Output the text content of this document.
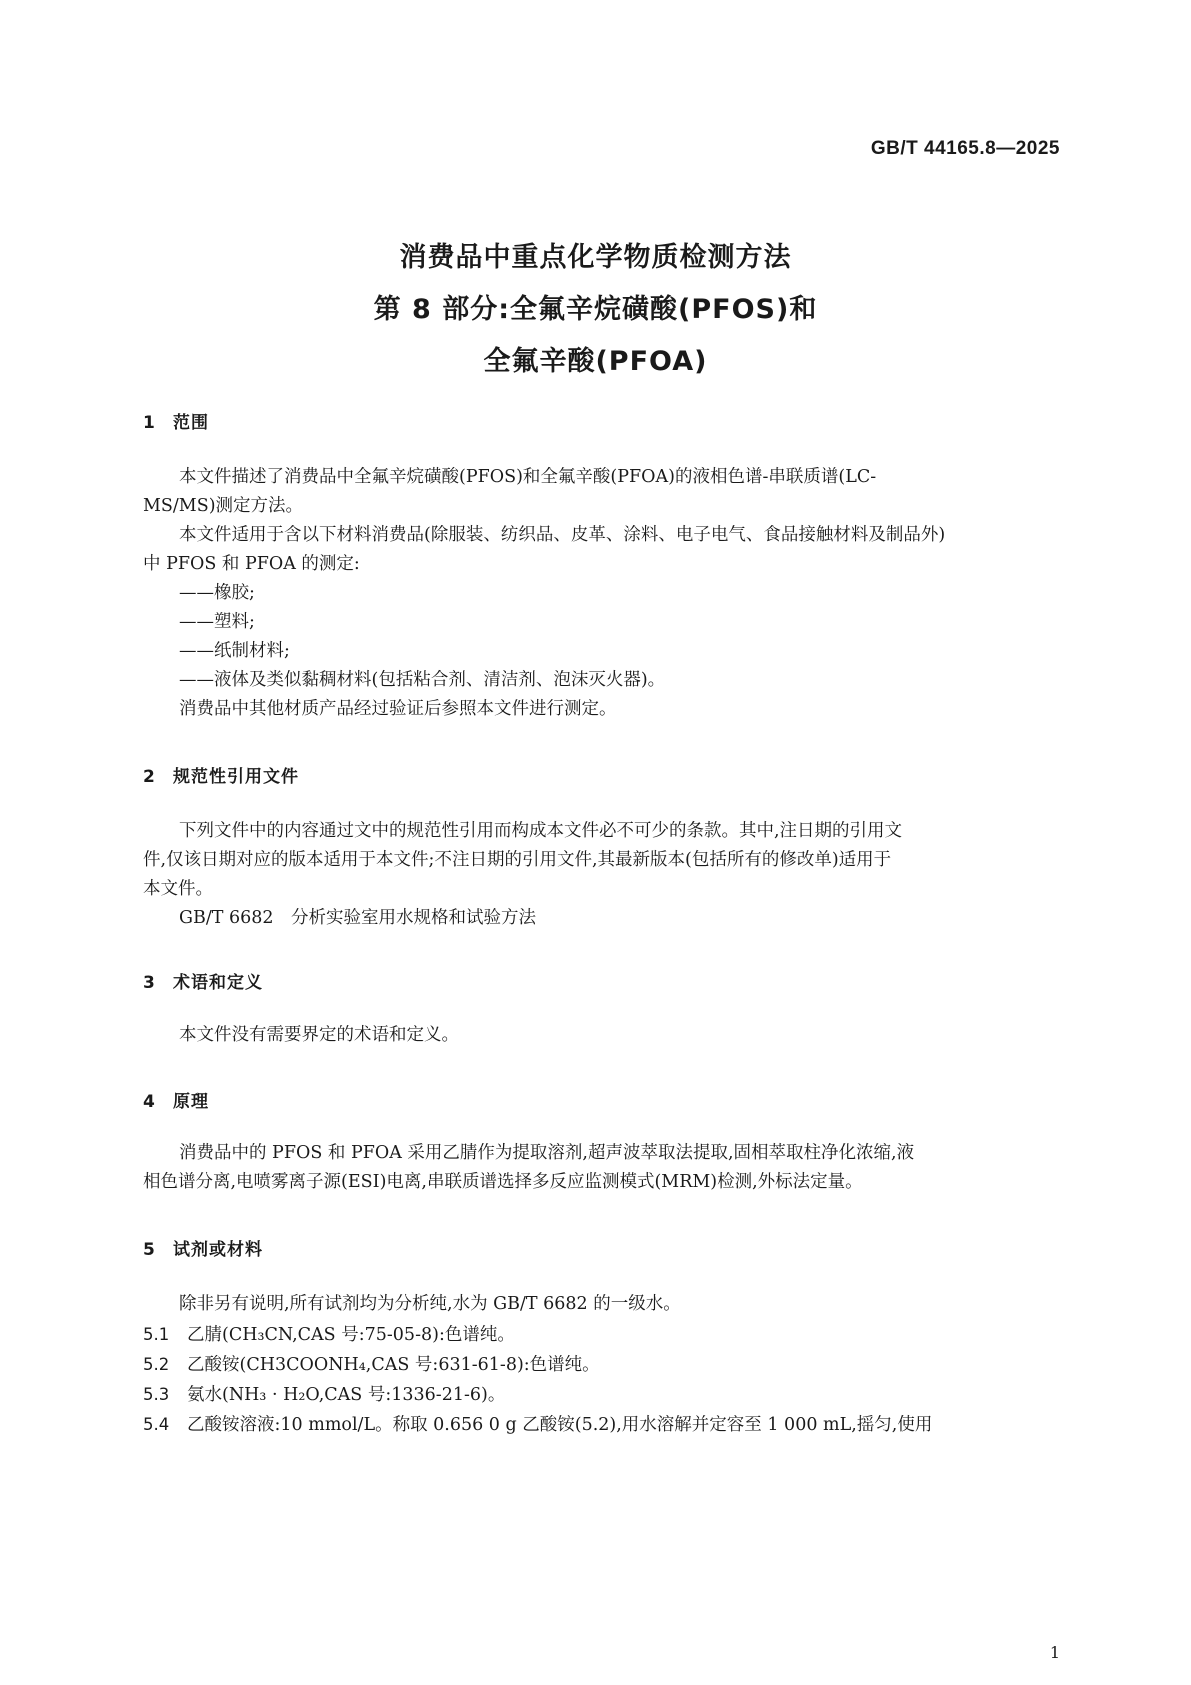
GB/T 44165.8—2025
消费品中重点化学物质检测方法
第 8 部分:全氟辛烷磺酸(PFOS)和
全氟辛酸(PFOA)
1 范围
本文件描述了消费品中全氟辛烷磺酸(PFOS)和全氟辛酸(PFOA)的液相色谱-串联质谱(LC-
MS/MS)测定方法。
本文件适用于含以下材料消费品(除服装、纺织品、皮革、涂料、电子电气、食品接触材料及制品外)
中 PFOS 和 PFOA 的测定:
——橡胶;
——塑料;
——纸制材料;
——液体及类似黏稠材料(包括粘合剂、清洁剂、泡沫灭火器)。
消费品中其他材质产品经过验证后参照本文件进行测定。
2 规范性引用文件
下列文件中的内容通过文中的规范性引用而构成本文件必不可少的条款。其中,注日期的引用文
件,仅该日期对应的版本适用于本文件;不注日期的引用文件,其最新版本(包括所有的修改单)适用于
本文件。
GB/T 6682　分析实验室用水规格和试验方法
3 术语和定义
本文件没有需要界定的术语和定义。
4 原理
消费品中的 PFOS 和 PFOA 采用乙腈作为提取溶剂,超声波萃取法提取,固相萃取柱净化浓缩,液
相色谱分离,电喷雾离子源(ESI)电离,串联质谱选择多反应监测模式(MRM)检测,外标法定量。
5 试剂或材料
除非另有说明,所有试剂均为分析纯,水为 GB/T 6682 的一级水。
5.1 乙腈(CH₃CN,CAS 号:75-05-8):色谱纯。
5.2 乙酸铵(CH3COONH₄,CAS 号:631-61-8):色谱纯。
5.3 氨水(NH₃ · H₂O,CAS 号:1336-21-6)。
5.4 乙酸铵溶液:10 mmol/L。称取 0.656 0 g 乙酸铵(5.2),用水溶解并定容至 1 000 mL,摇匀,使用
1
